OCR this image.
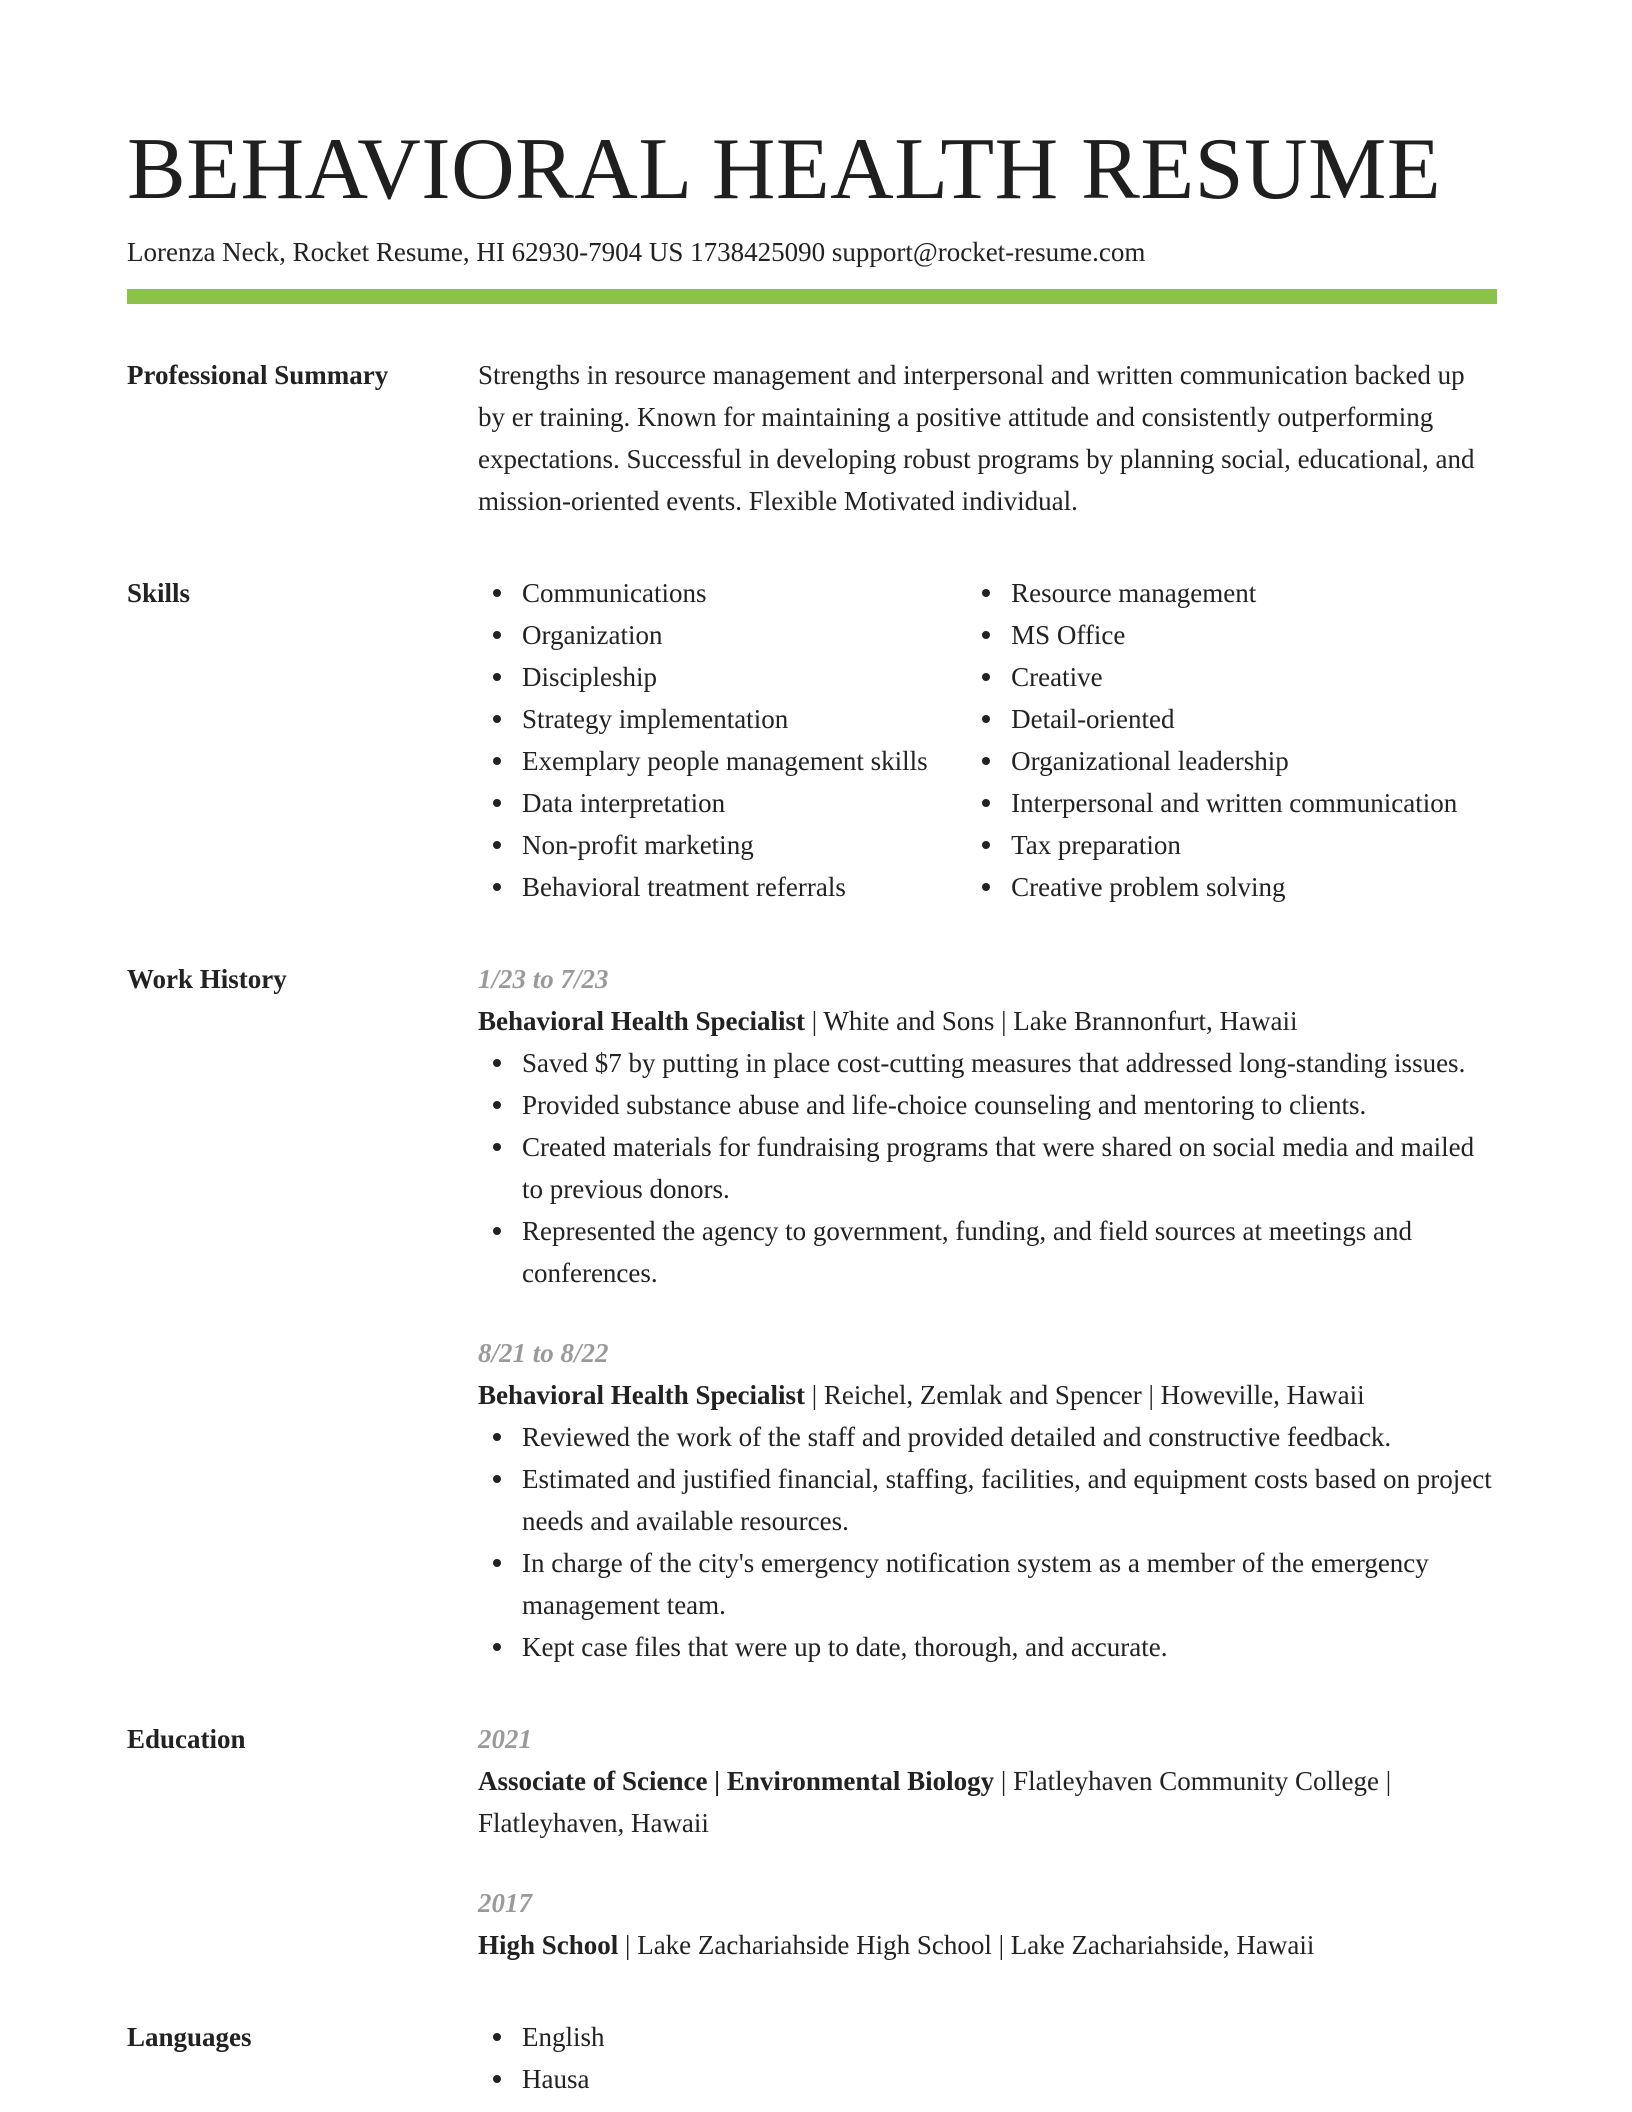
BEHAVIORAL HEALTH RESUME
Lorenza Neck, Rocket Resume, HI 62930-7904 US 1738425090 support@rocket-resume.com
Professional Summary	Strengths in resource management and interpersonal and written communication backed up by er training. Known for maintaining a positive attitude and consistently outperforming expectations. Successful in developing robust programs by planning social, educational, and mission-oriented events. Flexible Motivated individual.

Skills	Communications
Organization
Discipleship
Strategy implementation
Exemplary people management skills
Data interpretation
Non-profit marketing
Behavioral treatment referrals
Resource management
MS Office
Creative
Detail-oriented
Organizational leadership
Interpersonal and written communication
Tax preparation
Creative problem solving
Work History	1/23 to 7/23
Behavioral Health Specialist | White and Sons | Lake Brannonfurt, Hawaii
Saved $7 by putting in place cost-cutting measures that addressed long-standing issues.
Provided substance abuse and life-choice counseling and mentoring to clients.
Created materials for fundraising programs that were shared on social media and mailed to previous donors.
Represented the agency to government, funding, and field sources at meetings and conferences.
8/21 to 8/22
Behavioral Health Specialist | Reichel, Zemlak and Spencer | Howeville, Hawaii
Reviewed the work of the staff and provided detailed and constructive feedback.
Estimated and justified financial, staffing, facilities, and equipment costs based on project needs and available resources.
In charge of the city's emergency notification system as a member of the emergency management team.
Kept case files that were up to date, thorough, and accurate.
Education	2021
Associate of Science | Environmental Biology | Flatleyhaven Community College | Flatleyhaven, Hawaii
2017
High School | Lake Zachariahside High School | Lake Zachariahside, Hawaii
Languages	English
Hausa
